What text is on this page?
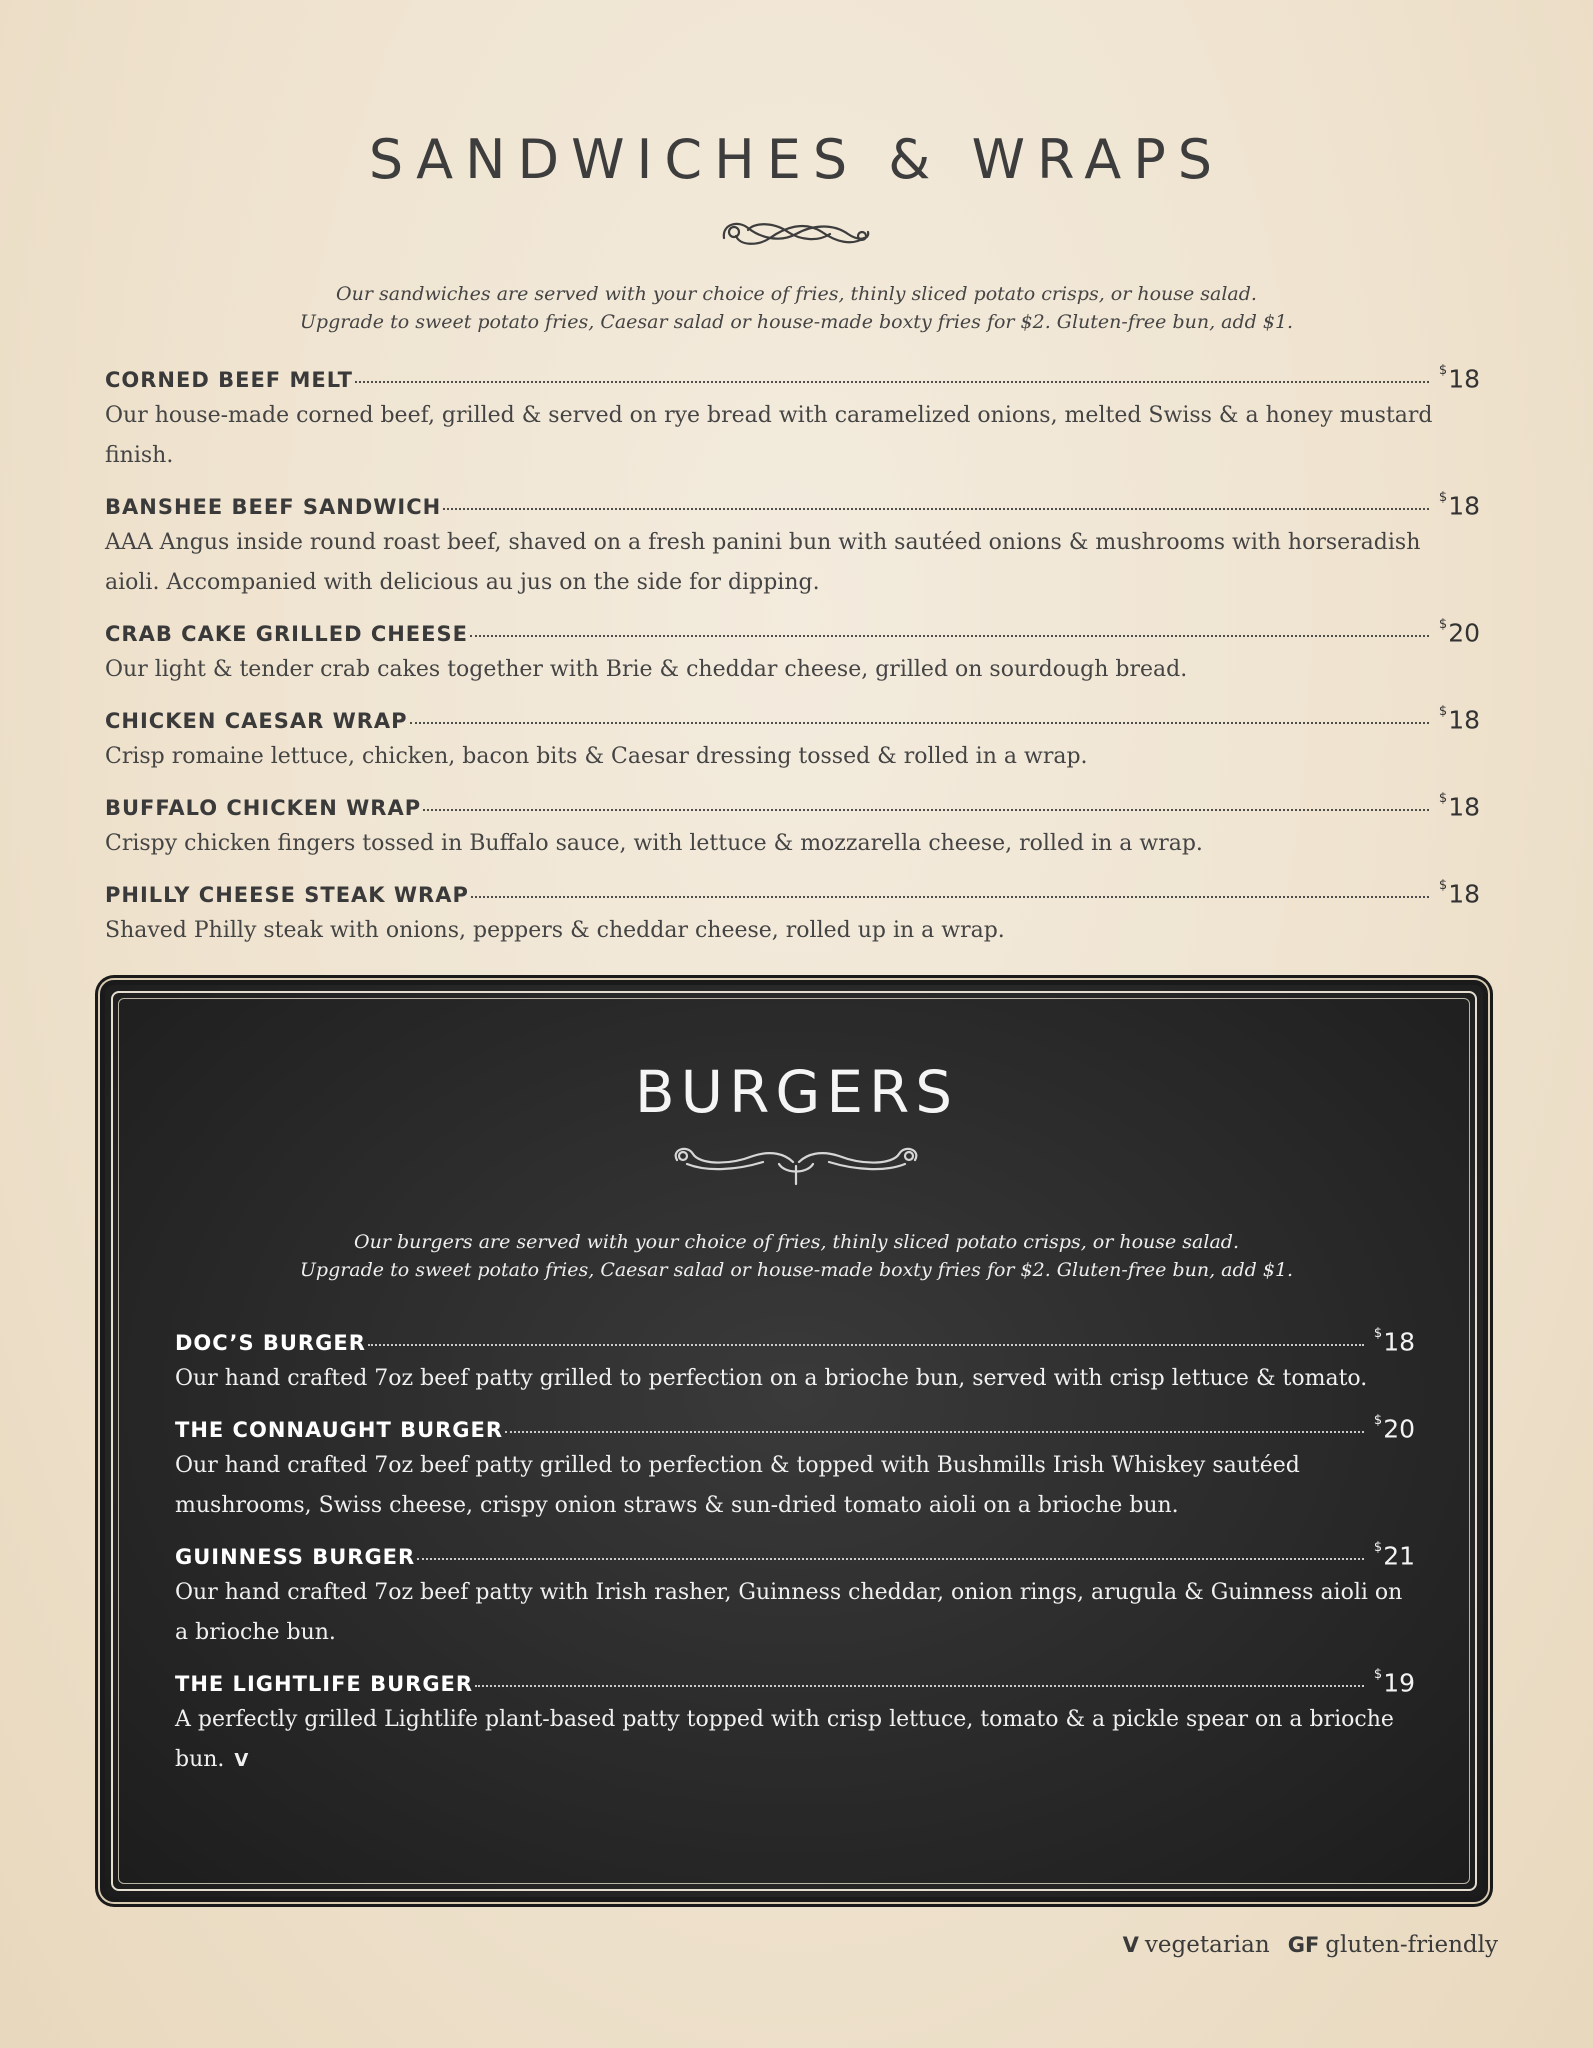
SANDWICHES & WRAPS
Our sandwiches are served with your choice of fries, thinly sliced potato crisps, or house salad.
Upgrade to sweet potato fries, Caesar salad or house-made boxty fries for $2. Gluten-free bun, add $1.
CORNED BEEF MELT	$18
Our house-made corned beef, grilled & served on rye bread with caramelized onions, melted Swiss & a honey mustard finish.
BANSHEE BEEF SANDWICH	$18
AAA Angus inside round roast beef, shaved on a fresh panini bun with sautéed onions & mushrooms with horseradish aioli. Accompanied with delicious au jus on the side for dipping.
CRAB CAKE GRILLED CHEESE	$20
Our light & tender crab cakes together with Brie & cheddar cheese, grilled on sourdough bread.
CHICKEN CAESAR WRAP	$18
Crisp romaine lettuce, chicken, bacon bits & Caesar dressing tossed & rolled in a wrap.
BUFFALO CHICKEN WRAP	$18
Crispy chicken fingers tossed in Buffalo sauce, with lettuce & mozzarella cheese, rolled in a wrap.
PHILLY CHEESE STEAK WRAP	$18
Shaved Philly steak with onions, peppers & cheddar cheese, rolled up in a wrap.
BURGERS
Our burgers are served with your choice of fries, thinly sliced potato crisps, or house salad.
Upgrade to sweet potato fries, Caesar salad or house-made boxty fries for $2. Gluten-free bun, add $1.
DOC’S BURGER	$18
Our hand crafted 7oz beef patty grilled to perfection on a brioche bun, served with crisp lettuce & tomato.
THE CONNAUGHT BURGER	$20
Our hand crafted 7oz beef patty grilled to perfection & topped with Bushmills Irish Whiskey sautéed mushrooms, Swiss cheese, crispy onion straws & sun-dried tomato aioli on a brioche bun.
GUINNESS BURGER	$21
Our hand crafted 7oz beef patty with Irish rasher, Guinness cheddar, onion rings, arugula & Guinness aioli on a brioche bun.
THE LIGHTLIFE BURGER	$19
A perfectly grilled Lightlife plant-based patty topped with crisp lettuce, tomato & a pickle spear on a brioche bun. V
V vegetarian GF gluten-friendly
